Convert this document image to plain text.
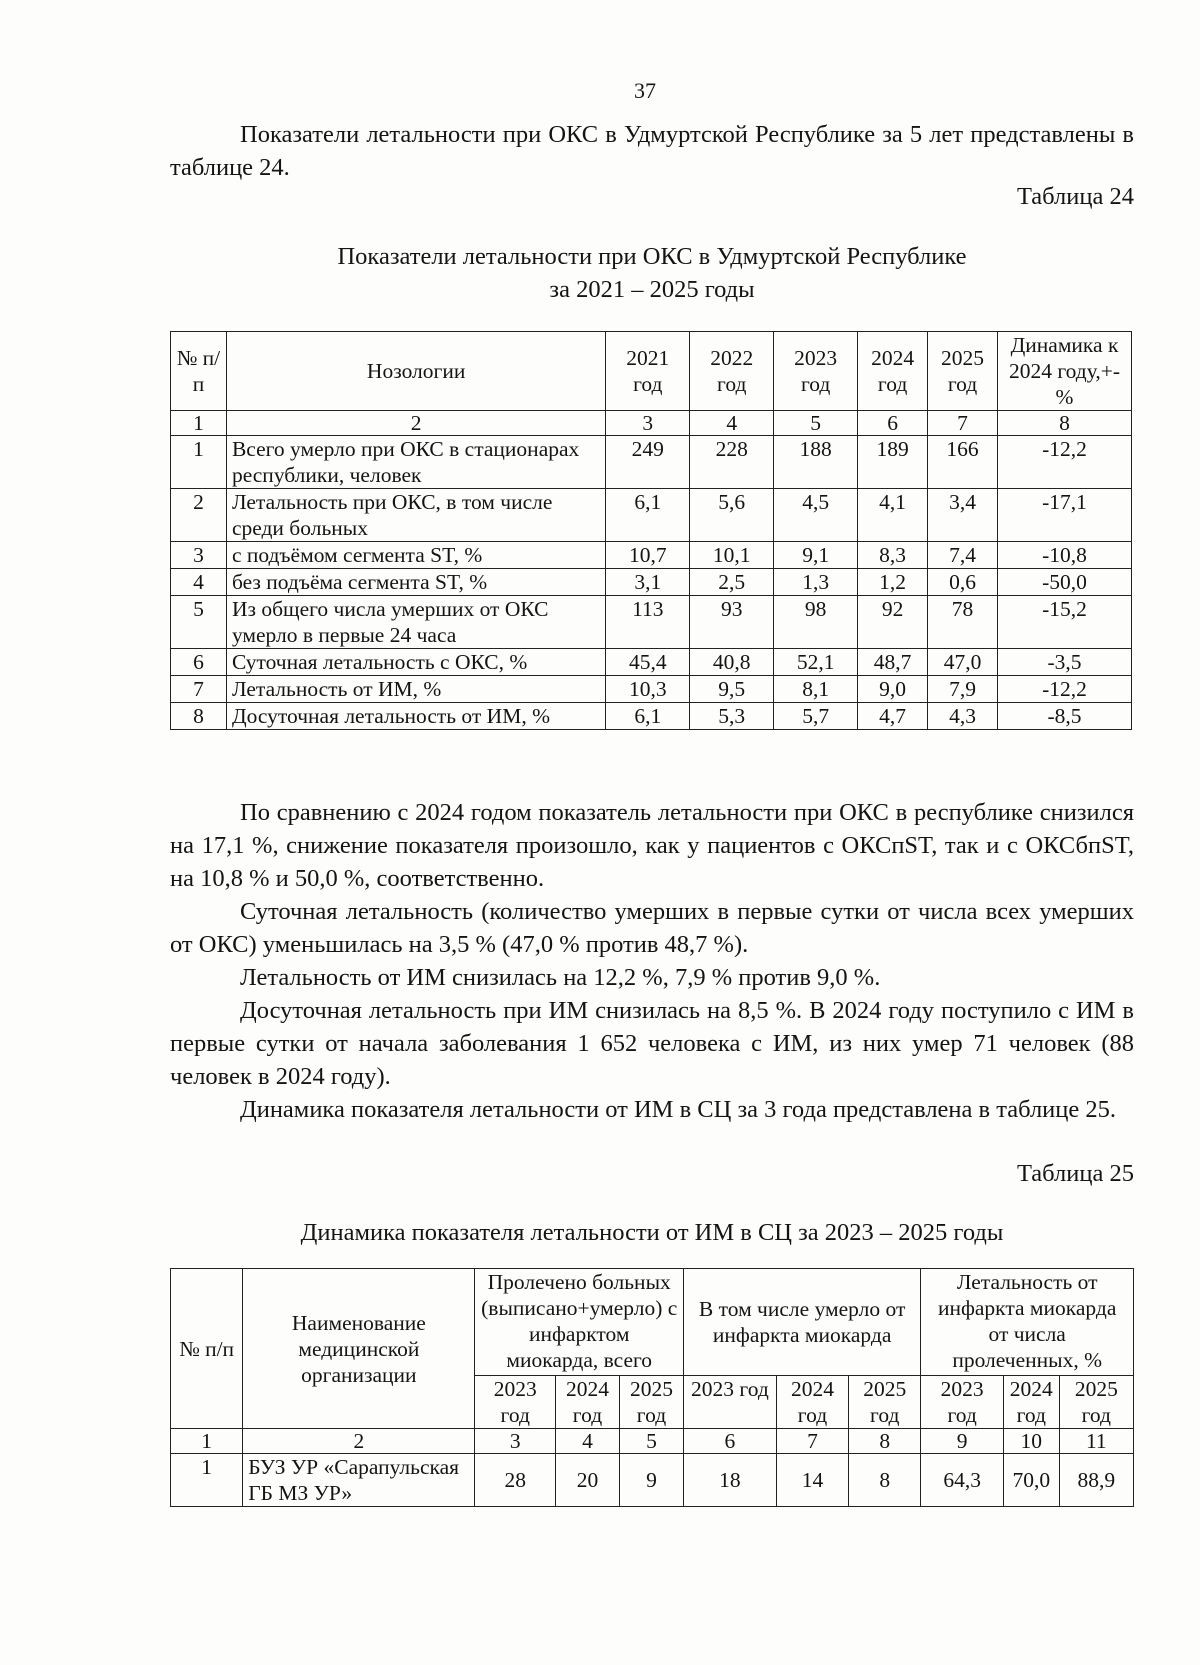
37

Показатели летальности при ОКС в Удмуртской Республике за 5 лет представлены в таблице 24.

Таблица 24
Показатели летальности при ОКС в Удмуртской Республике
за 2021 – 2025 годы
№ п/п	Нозологии	2021 год	2022 год	2023 год	2024 год	2025 год	Динамика к 2024 году,+- %
1	2	3	4	5	6	7	8
1	Всего умерло при ОКС в стационарах республики, человек	249	228	188	189	166	-12,2
2	Летальность при ОКС, в том числе среди больных	6,1	5,6	4,5	4,1	3,4	-17,1
3	с подъёмом сегмента ST, %	10,7	10,1	9,1	8,3	7,4	-10,8
4	без подъёма сегмента ST, %	3,1	2,5	1,3	1,2	0,6	-50,0
5	Из общего числа умерших от ОКС умерло в первые 24 часа	113	93	98	92	78	-15,2
6	Суточная летальность с ОКС, %	45,4	40,8	52,1	48,7	47,0	-3,5
7	Летальность от ИМ, %	10,3	9,5	8,1	9,0	7,9	-12,2
8	Досуточная летальность от ИМ, %	6,1	5,3	5,7	4,7	4,3	-8,5

По сравнению с 2024 годом показатель летальности при ОКС в республике снизился на 17,1 %, снижение показателя произошло, как у пациентов с ОКСпST, так и с ОКСбпST, на 10,8 % и 50,0 %, соответственно.

Суточная летальность (количество умерших в первые сутки от числа всех умерших от ОКС) уменьшилась на 3,5 % (47,0 % против 48,7 %).

Летальность от ИМ снизилась на 12,2 %, 7,9 % против 9,0 %.

Досуточная летальность при ИМ снизилась на 8,5 %. В 2024 году поступило с ИМ в первые сутки от начала заболевания 1 652 человека с ИМ, из них умер 71 человек (88 человек в 2024 году).

Динамика показателя летальности от ИМ в СЦ за 3 года представлена в таблице 25.

Таблица 25
Динамика показателя летальности от ИМ в СЦ за 2023 – 2025 годы
№ п/п	Наименование медицинской организации	Пролечено больных (выписано+умерло) с инфарктом миокарда, всего			В том числе умерло от инфаркта миокарда			Летальность от инфаркта миокарда от числа пролеченных, %		
		2023 год	2024 год	2025 год	2023 год	2024 год	2025 год	2023 год	2024 год	2025 год
1	2	3	4	5	6	7	8	9	10	11
1	БУЗ УР «Сарапульская ГБ МЗ УР»	28	20	9	18	14	8	64,3	70,0	88,9
